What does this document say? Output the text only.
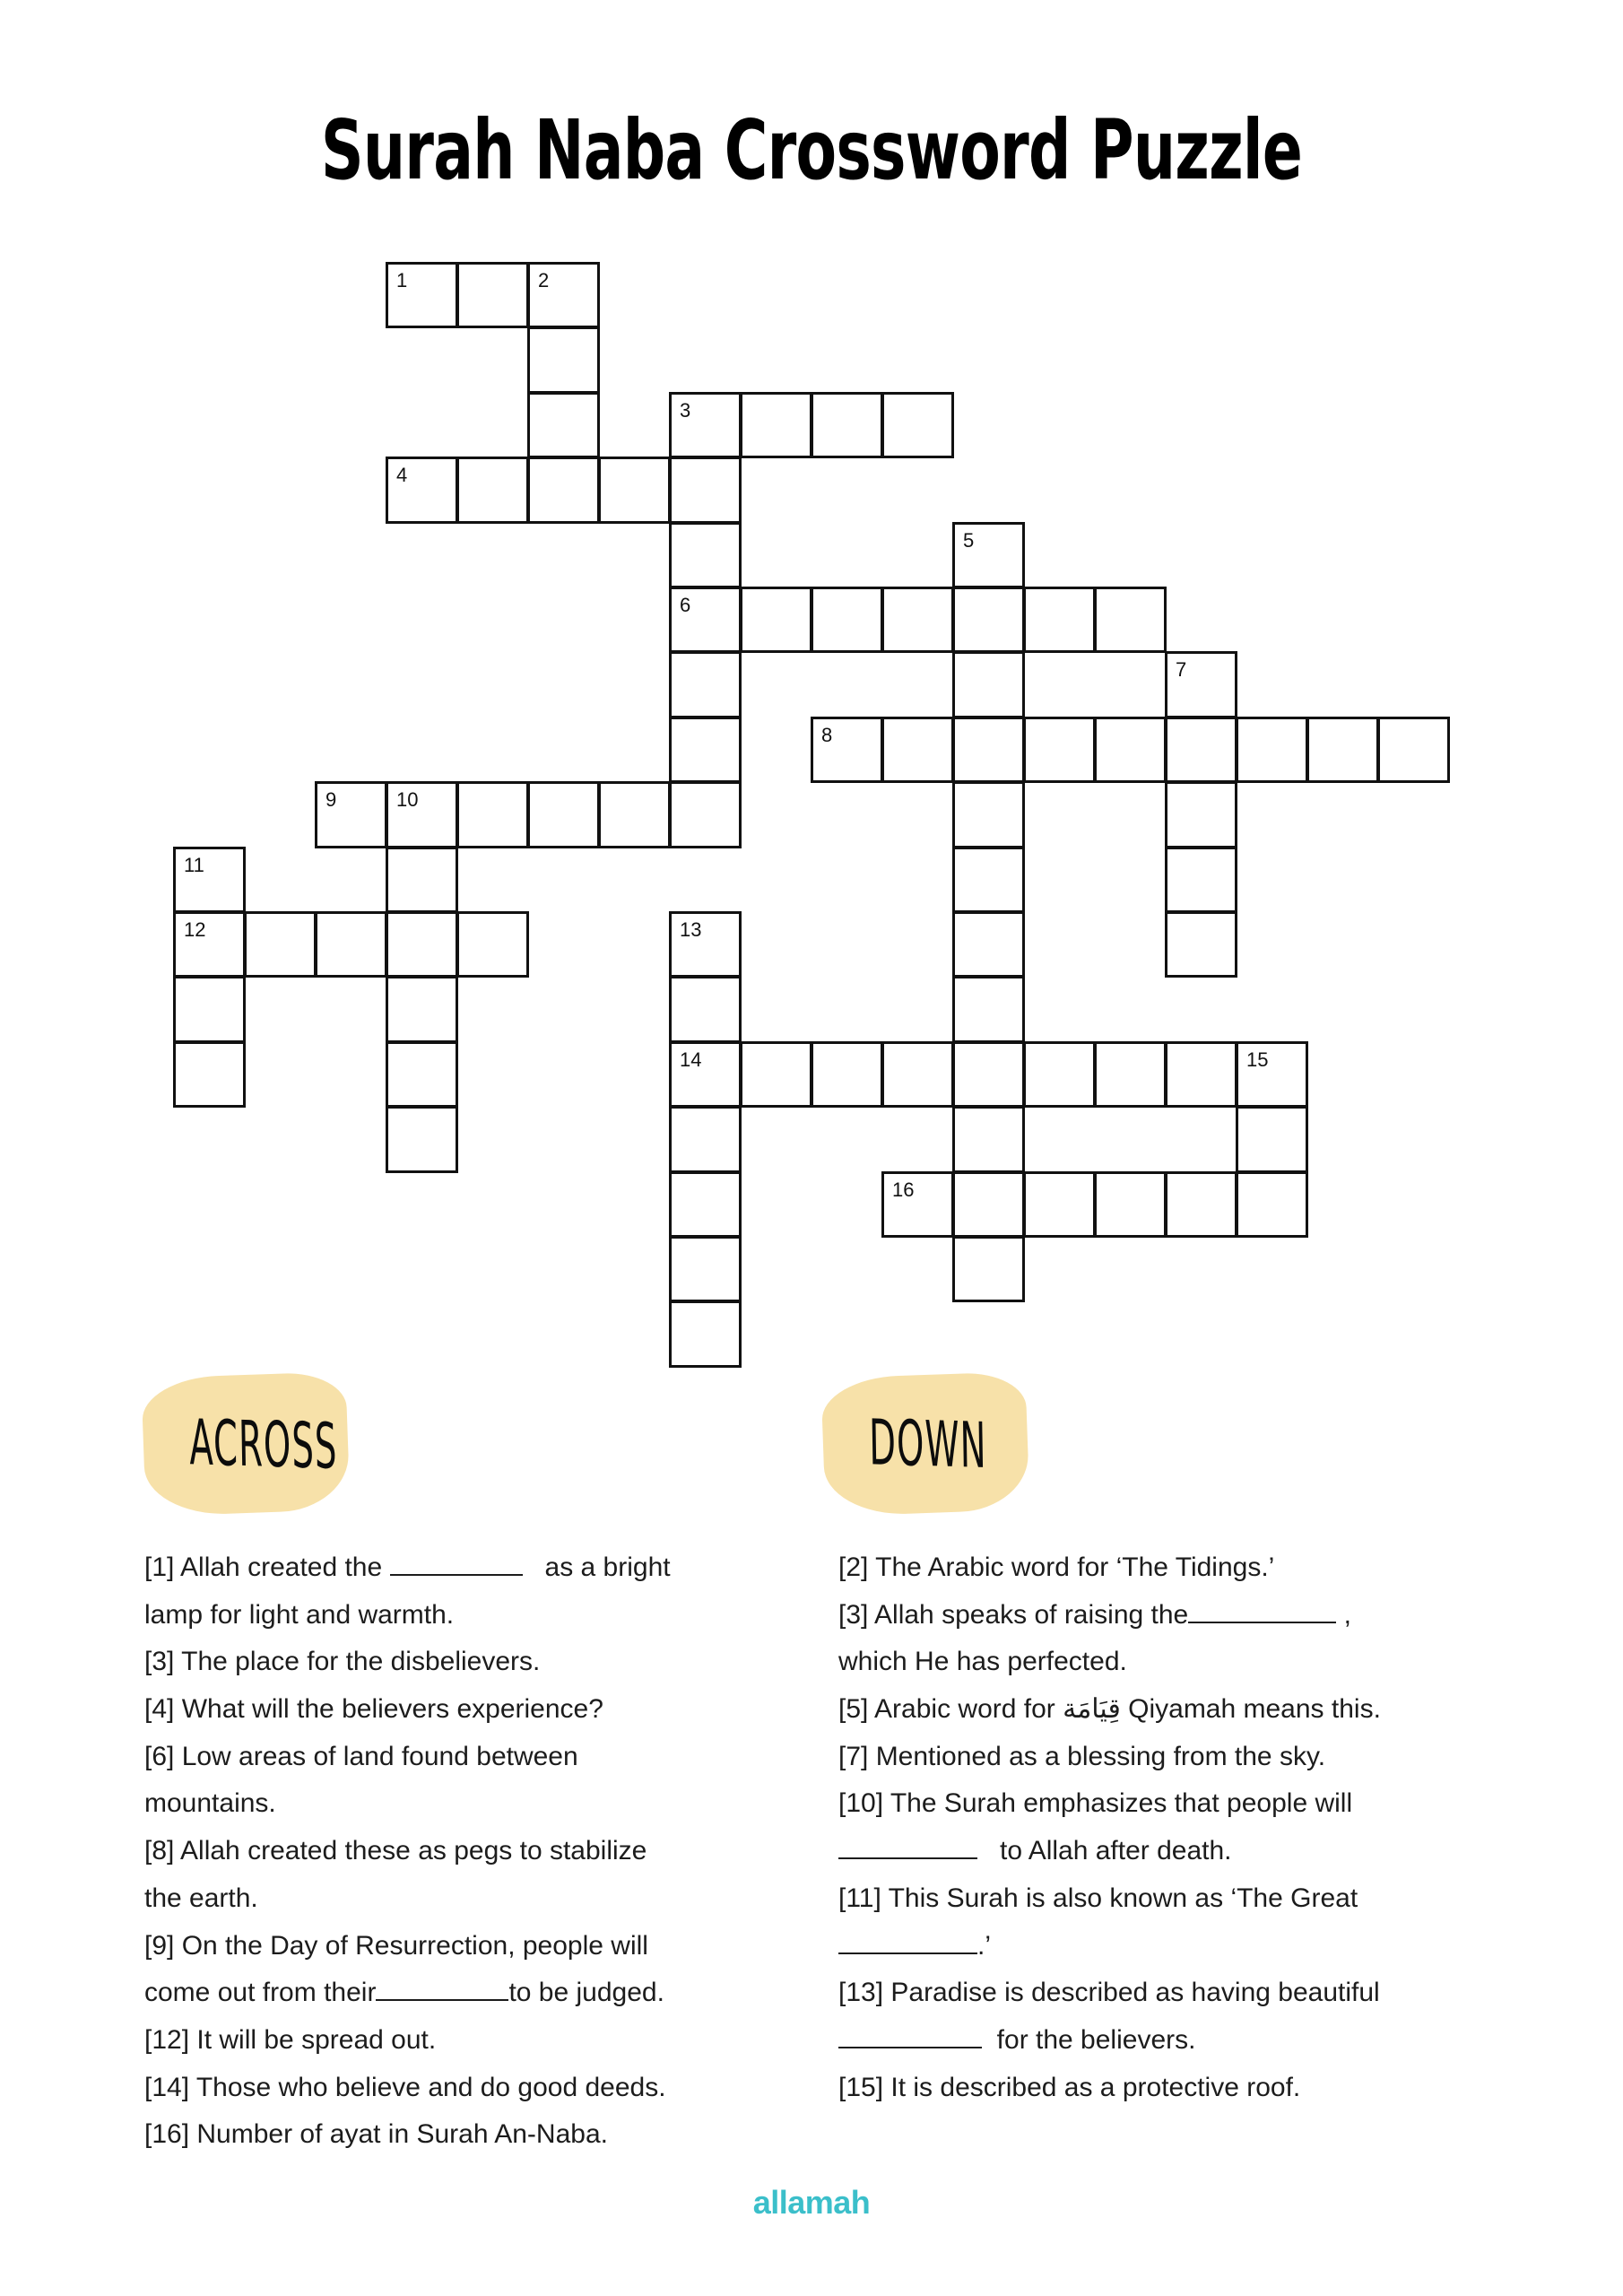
Surah Naba Crossword Puzzle
1	2
3
4
5
6
7
8
9	10
11
12	13
14	15
16
ACROSS	DOWN
[1] Allah created the	as a bright
lamp for light and warmth.
[3] The place for the disbelievers.
[4] What will the believers experience?
[6] Low areas of land found between
mountains.
[8] Allah created these as pegs to stabilize
the earth.
[9] On the Day of Resurrection, people will
come out from their	to be judged.
[12] It will be spread out.
[14] Those who believe and do good deeds.
[16] Number of ayat in Surah An-Naba.
[2] The Arabic word for ‘The Tidings.’
[3] Allah speaks of raising the	,
which He has perfected.
[5] Arabic word for قِيَامَة Qiyamah means this.
[7] Mentioned as a blessing from the sky.
[10] The Surah emphasizes that people will
to Allah after death.
[11] This Surah is also known as ‘The Great
.’
[13] Paradise is described as having beautiful
for the believers.
[15] It is described as a protective roof.
allamah
